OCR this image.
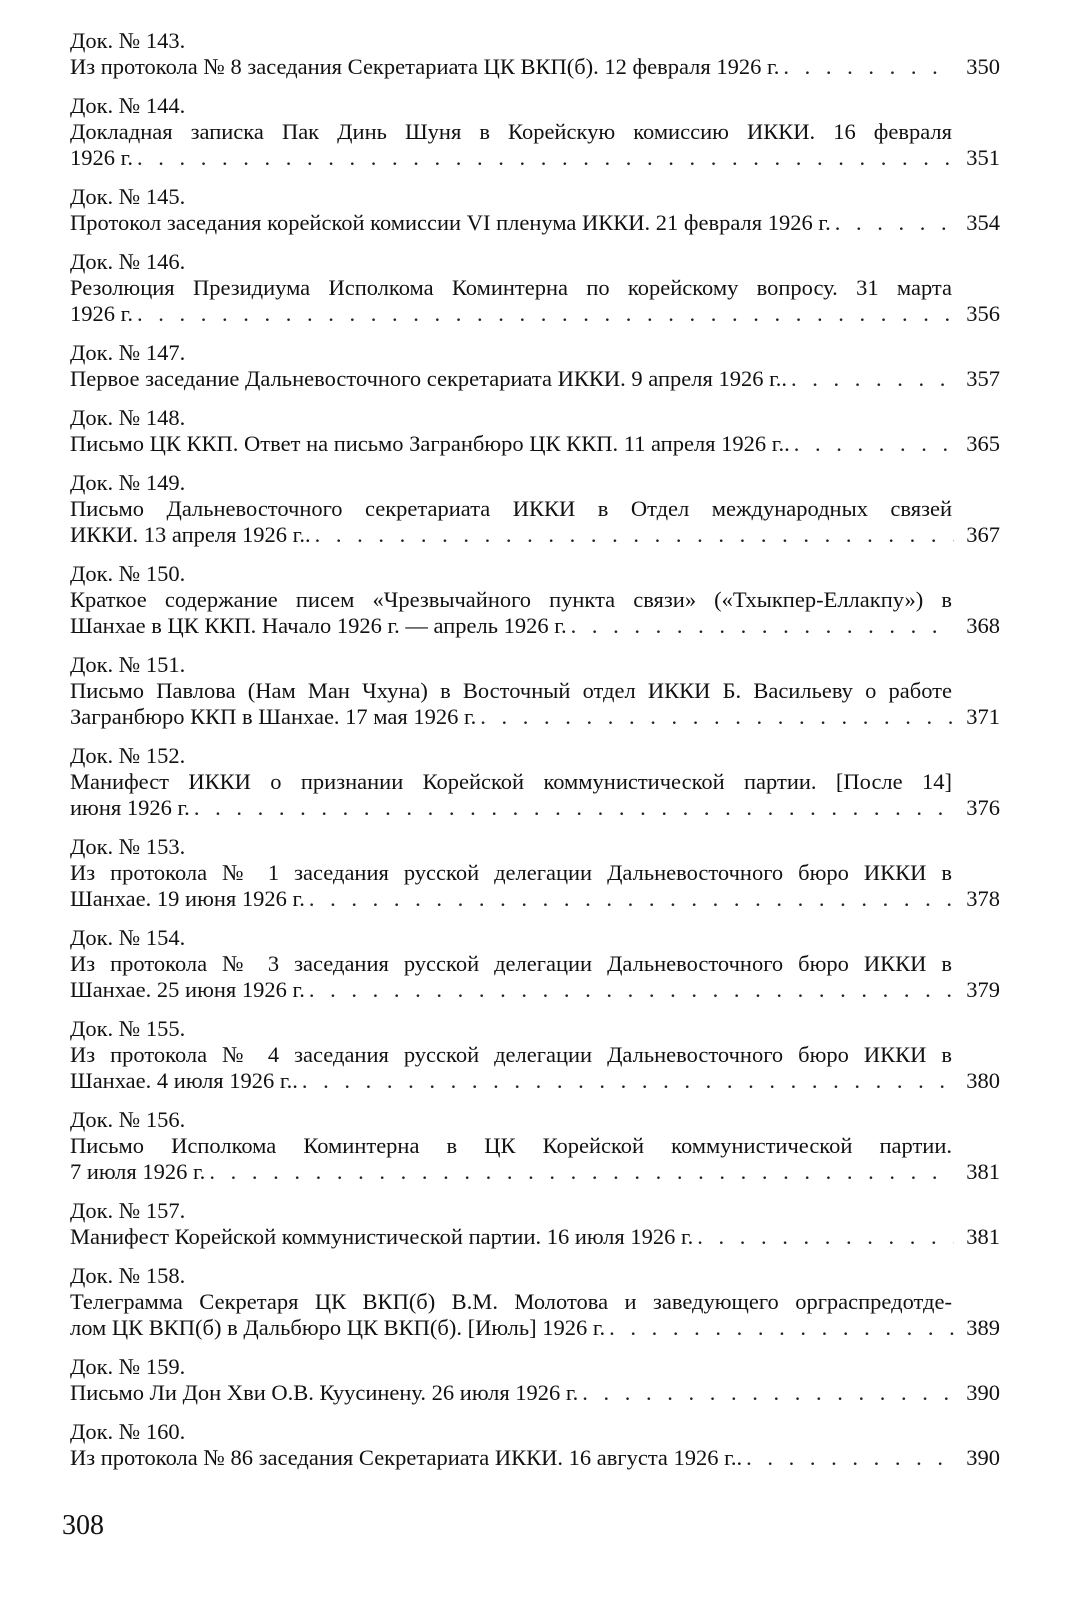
Док. № 143.
Из протокола № 8 заседания Секретариата ЦК ВКП(б). 12 февраля 1926 г. . . .	350
Док. № 144.
Докладная записка Пак Динь Шуня в Корейскую комиссию ИККИ. 16 февраля
1926 г. . . .	351
Док. № 145.
Протокол заседания корейской комиссии VI пленума ИККИ. 21 февраля 1926 г. . . .	354
Док. № 146.
Резолюция Президиума Исполкома Коминтерна по корейскому вопросу. 31 марта
1926 г. . . .	356
Док. № 147.
Первое заседание Дальневосточного секретариата ИККИ. 9 апреля 1926 г.. . . .	357
Док. № 148.
Письмо ЦК ККП. Ответ на письмо Загранбюро ЦК ККП. 11 апреля 1926 г.. . . .	365
Док. № 149.
Письмо Дальневосточного секретариата ИККИ в Отдел международных связей
ИККИ. 13 апреля 1926 г.. . . .	367
Док. № 150.
Краткое содержание писем «Чрезвычайного пункта связи» («Тхыкпер-Еллакпу») в
Шанхае в ЦК ККП. Начало 1926 г. — апрель 1926 г. . . .	368
Док. № 151.
Письмо Павлова (Нам Ман Чхуна) в Восточный отдел ИККИ Б. Васильеву о работе
Загранбюро ККП в Шанхае. 17 мая 1926 г. . . .	371
Док. № 152.
Манифест ИККИ о признании Корейской коммунистической партии. [После 14]
июня 1926 г. . . .	376
Док. № 153.
Из протокола № 1 заседания русской делегации Дальневосточного бюро ИККИ в
Шанхае. 19 июня 1926 г. . . .	378
Док. № 154.
Из протокола № 3 заседания русской делегации Дальневосточного бюро ИККИ в
Шанхае. 25 июня 1926 г. . . .	379
Док. № 155.
Из протокола № 4 заседания русской делегации Дальневосточного бюро ИККИ в
Шанхае. 4 июля 1926 г.. . . .	380
Док. № 156.
Письмо Исполкома Коминтерна в ЦК Корейской коммунистической партии.
7 июля 1926 г. . . .	381
Док. № 157.
Манифест Корейской коммунистической партии. 16 июля 1926 г. . . .	381
Док. № 158.
Телеграмма Секретаря ЦК ВКП(б) В.М. Молотова и заведующего орграспредотде-
лом ЦК ВКП(б) в Дальбюро ЦК ВКП(б). [Июль] 1926 г. . . .	389
Док. № 159.
Письмо Ли Дон Хви О.В. Куусинену. 26 июля 1926 г. . . .	390
Док. № 160.
Из протокола № 86 заседания Секретариата ИККИ. 16 августа 1926 г.. . . .	390
308
